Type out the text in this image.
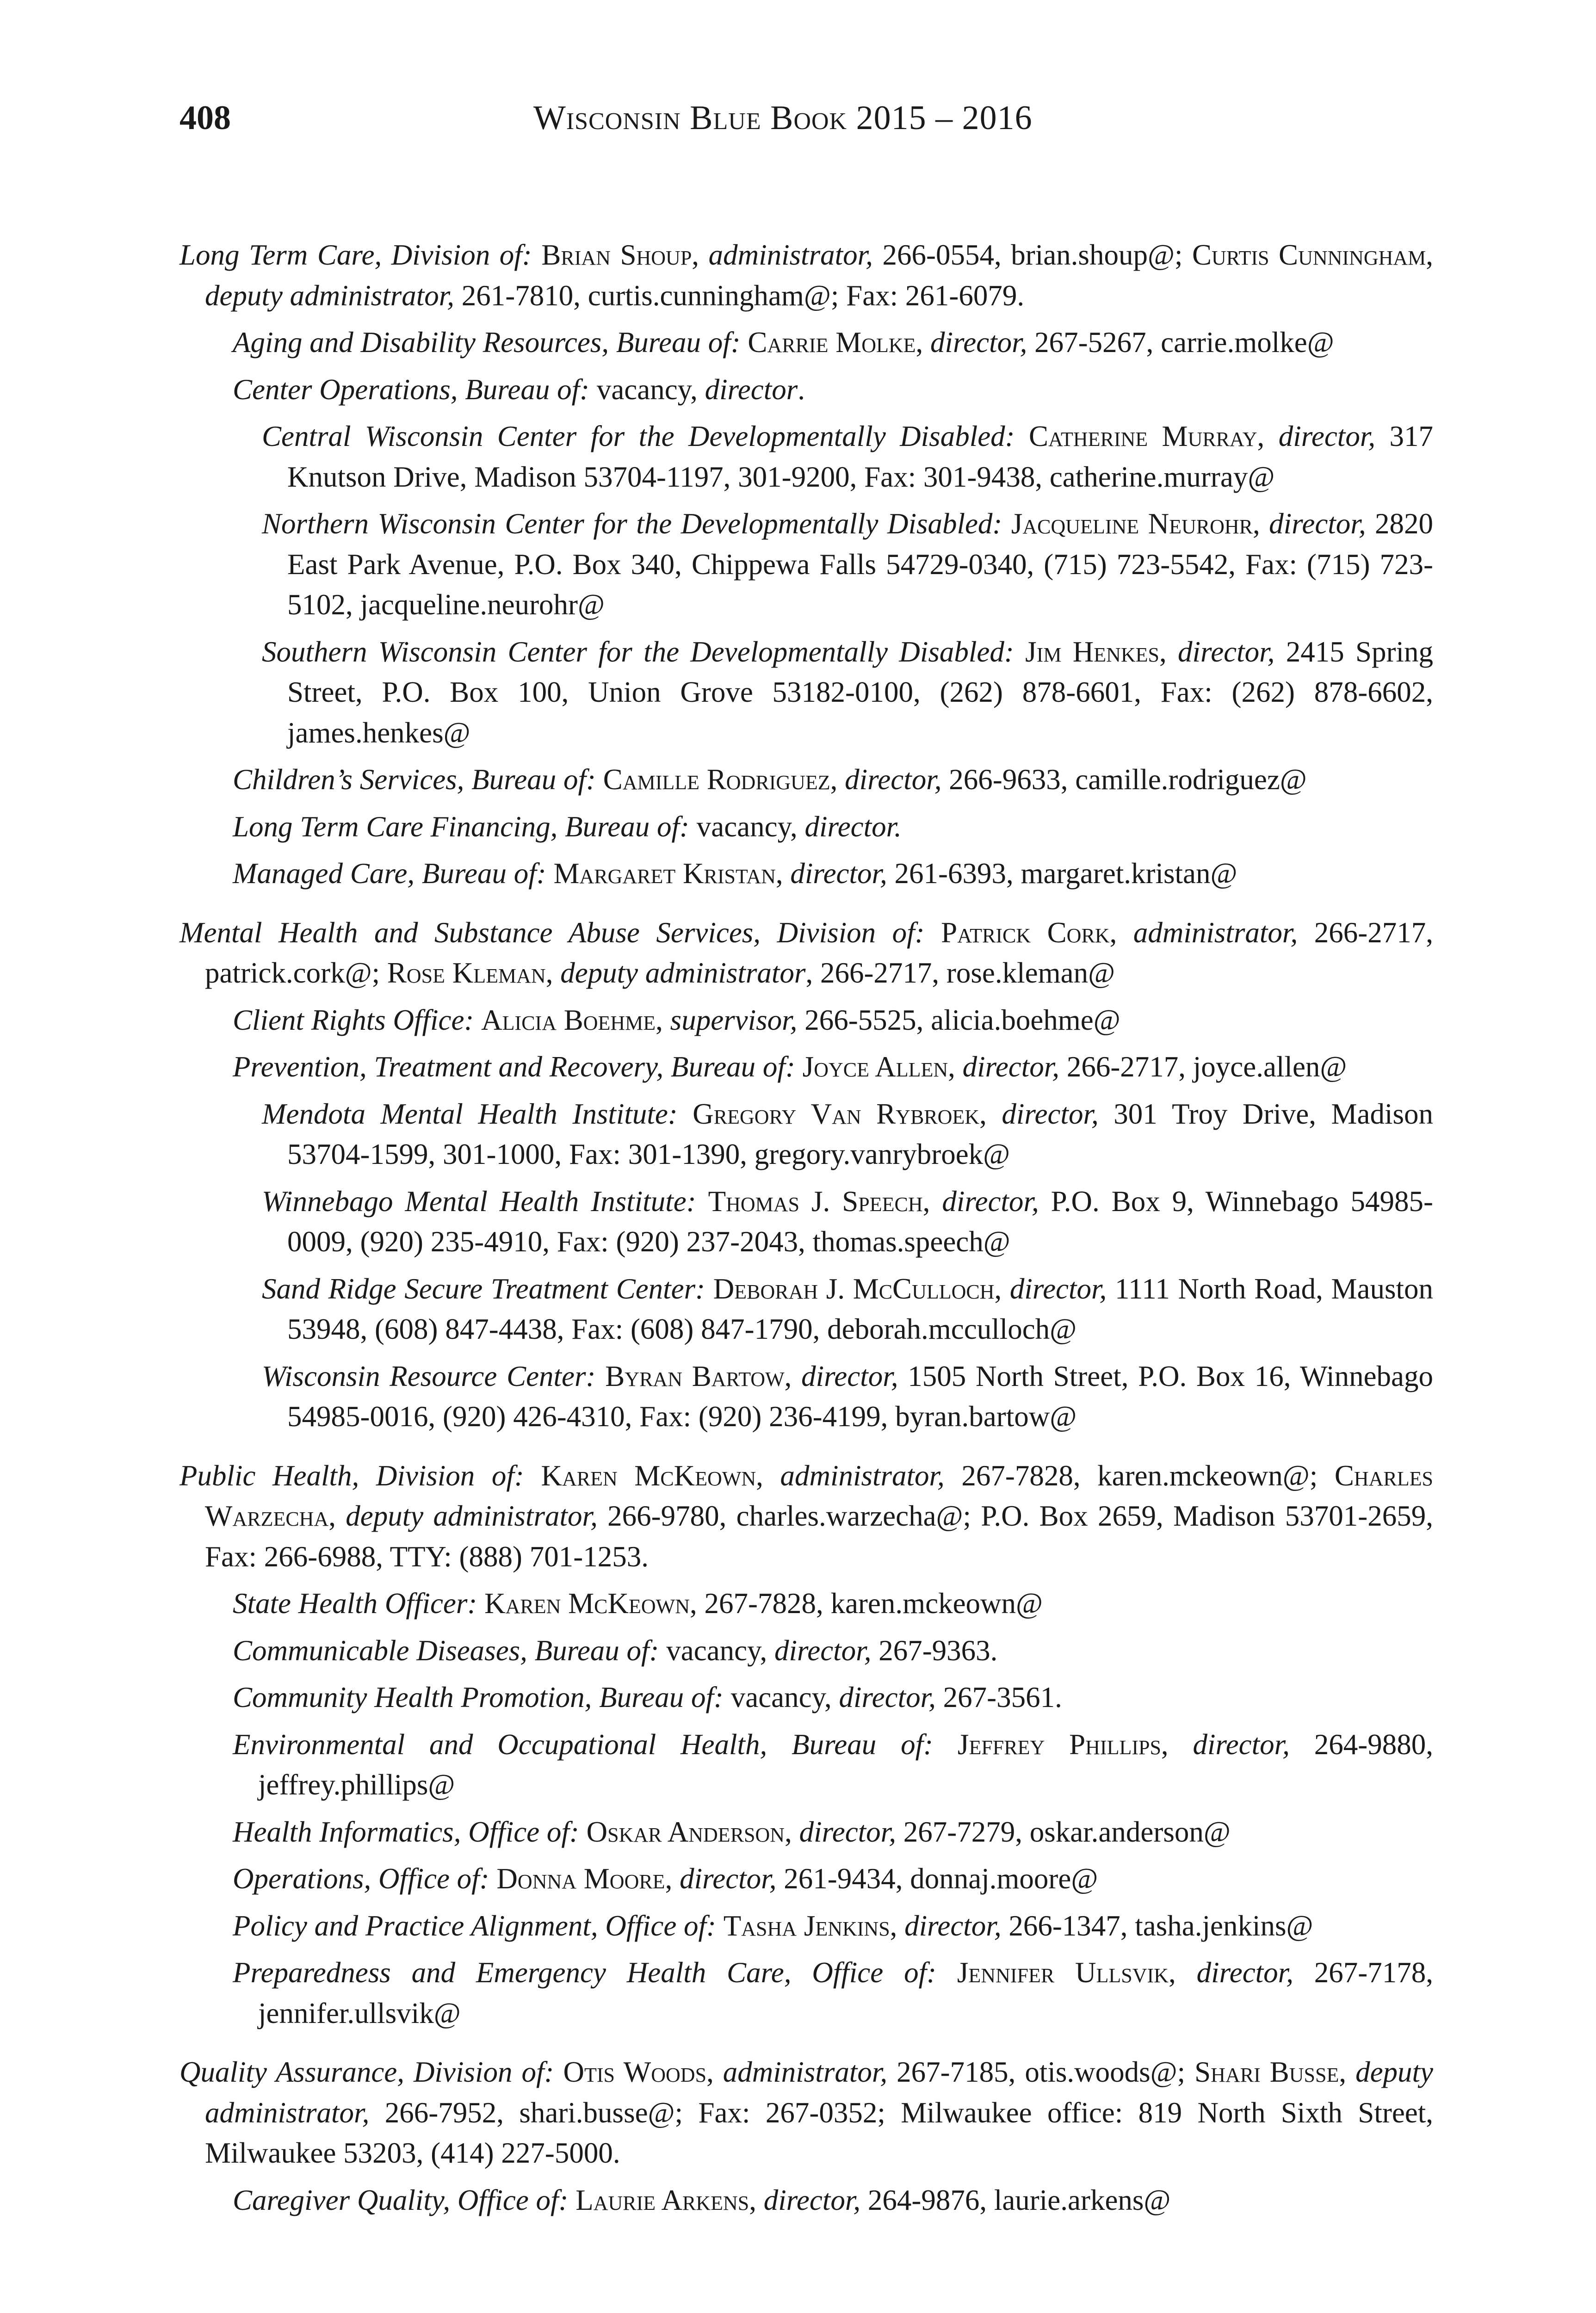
408	Wisconsin Blue Book 2015 – 2016

Long Term Care, Division of: Brian Shoup, administrator, 266-0554, brian.shoup@; Curtis Cunningham, deputy administrator, 261-7810, curtis.cunningham@; Fax: 261-6079.

Aging and Disability Resources, Bureau of: Carrie Molke, director, 267-5267, carrie.molke@

Center Operations, Bureau of: vacancy, director.

Central Wisconsin Center for the Developmentally Disabled: Catherine Murray, director, 317 Knutson Drive, Madison 53704-1197, 301-9200, Fax: 301-9438, catherine.murray@

Northern Wisconsin Center for the Developmentally Disabled: Jacqueline Neurohr, director, 2820 East Park Avenue, P.O. Box 340, Chippewa Falls 54729-0340, (715) 723-5542, Fax: (715) 723-5102, jacqueline.neurohr@

Southern Wisconsin Center for the Developmentally Disabled: Jim Henkes, director, 2415 Spring Street, P.O. Box 100, Union Grove 53182-0100, (262) 878-6601, Fax: (262) 878-6602, james.henkes@

Children’s Services, Bureau of: Camille Rodriguez, director, 266-9633, camille.rodriguez@

Long Term Care Financing, Bureau of: vacancy, director.

Managed Care, Bureau of: Margaret Kristan, director, 261-6393, margaret.kristan@

Mental Health and Substance Abuse Services, Division of: Patrick Cork, administrator, 266-2717, patrick.cork@; Rose Kleman, deputy administrator, 266-2717, rose.kleman@

Client Rights Office: Alicia Boehme, supervisor, 266-5525, alicia.boehme@

Prevention, Treatment and Recovery, Bureau of: Joyce Allen, director, 266-2717, joyce.allen@

Mendota Mental Health Institute: Gregory Van Rybroek, director, 301 Troy Drive, Madison 53704-1599, 301-1000, Fax: 301-1390, gregory.vanrybroek@

Winnebago Mental Health Institute: Thomas J. Speech, director, P.O. Box 9, Winnebago 54985-0009, (920) 235-4910, Fax: (920) 237-2043, thomas.speech@

Sand Ridge Secure Treatment Center: Deborah J. McCulloch, director, 1111 North Road, Mauston 53948, (608) 847-4438, Fax: (608) 847-1790, deborah.mcculloch@

Wisconsin Resource Center: Byran Bartow, director, 1505 North Street, P.O. Box 16, Winnebago 54985-0016, (920) 426-4310, Fax: (920) 236-4199, byran.bartow@

Public Health, Division of: Karen McKeown, administrator, 267-7828, karen.mckeown@; Charles Warzecha, deputy administrator, 266-9780, charles.warzecha@; P.O. Box 2659, Madison 53701-2659, Fax: 266-6988, TTY: (888) 701-1253.

State Health Officer: Karen McKeown, 267-7828, karen.mckeown@

Communicable Diseases, Bureau of: vacancy, director, 267-9363.

Community Health Promotion, Bureau of: vacancy, director, 267-3561.

Environmental and Occupational Health, Bureau of: Jeffrey Phillips, director, 264-9880, jeffrey.phillips@

Health Informatics, Office of: Oskar Anderson, director, 267-7279, oskar.anderson@

Operations, Office of: Donna Moore, director, 261-9434, donnaj.moore@

Policy and Practice Alignment, Office of: Tasha Jenkins, director, 266-1347, tasha.jenkins@

Preparedness and Emergency Health Care, Office of: Jennifer Ullsvik, director, 267-7178, jennifer.ullsvik@

Quality Assurance, Division of: Otis Woods, administrator, 267-7185, otis.woods@; Shari Busse, deputy administrator, 266-7952, shari.busse@; Fax: 267-0352; Milwaukee office: 819 North Sixth Street, Milwaukee 53203, (414) 227-5000.

Caregiver Quality, Office of: Laurie Arkens, director, 264-9876, laurie.arkens@
